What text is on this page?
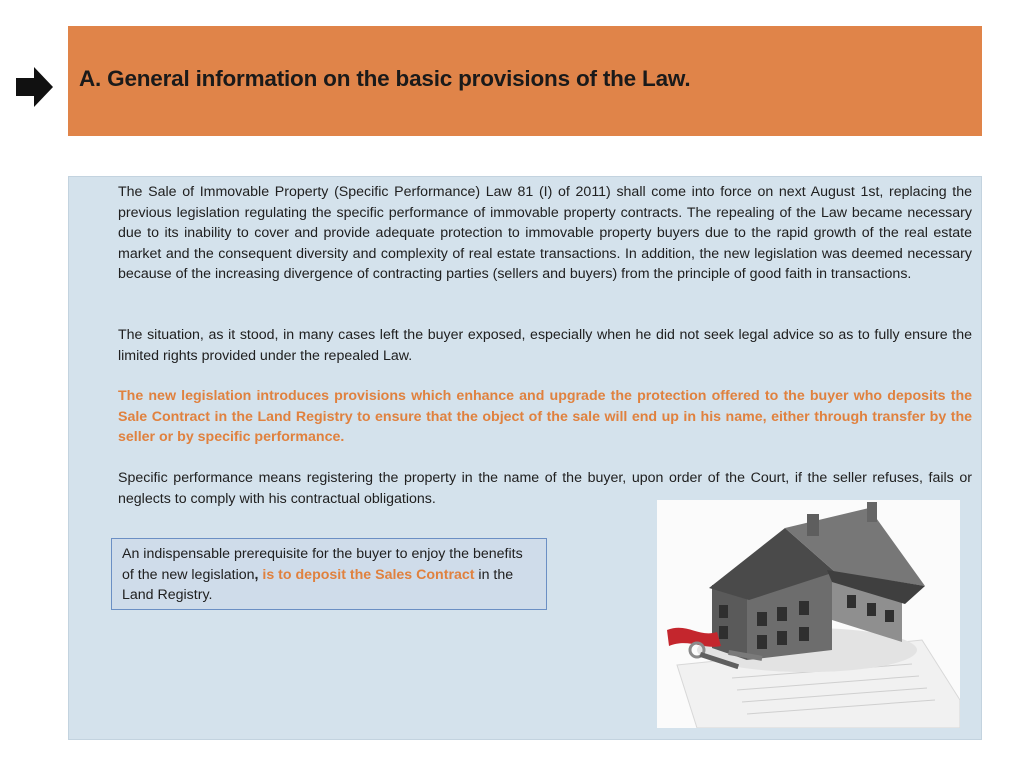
A. General information on the basic provisions of the Law.

The Sale of Immovable Property (Specific Performance) Law 81 (I) of 2011) shall come into force on next August 1st, replacing the previous legislation regulating the specific performance of immovable property contracts. The repealing of the Law became necessary due to its inability to cover and provide adequate protection to immovable property buyers due to the rapid growth of the real estate market and the consequent diversity and complexity of real estate transactions. In addition, the new legislation was deemed necessary because of the increasing divergence of contracting parties (sellers and buyers) from the principle of good faith in transactions.

The situation, as it stood, in many cases left the buyer exposed, especially when he did not seek legal advice so as to fully ensure the limited rights provided under the repealed Law.

The new legislation introduces provisions which enhance and upgrade the protection offered to the buyer who deposits the Sale Contract in the Land Registry to ensure that the object of the sale will end up in his name, either through transfer by the seller or by specific performance.

Specific performance means registering the property in the name of the buyer, upon order of the Court, if the seller refuses, fails or neglects to comply with his contractual obligations.

An indispensable prerequisite for the buyer to enjoy the benefits of the new legislation, is to deposit the Sales Contract in the Land Registry.
